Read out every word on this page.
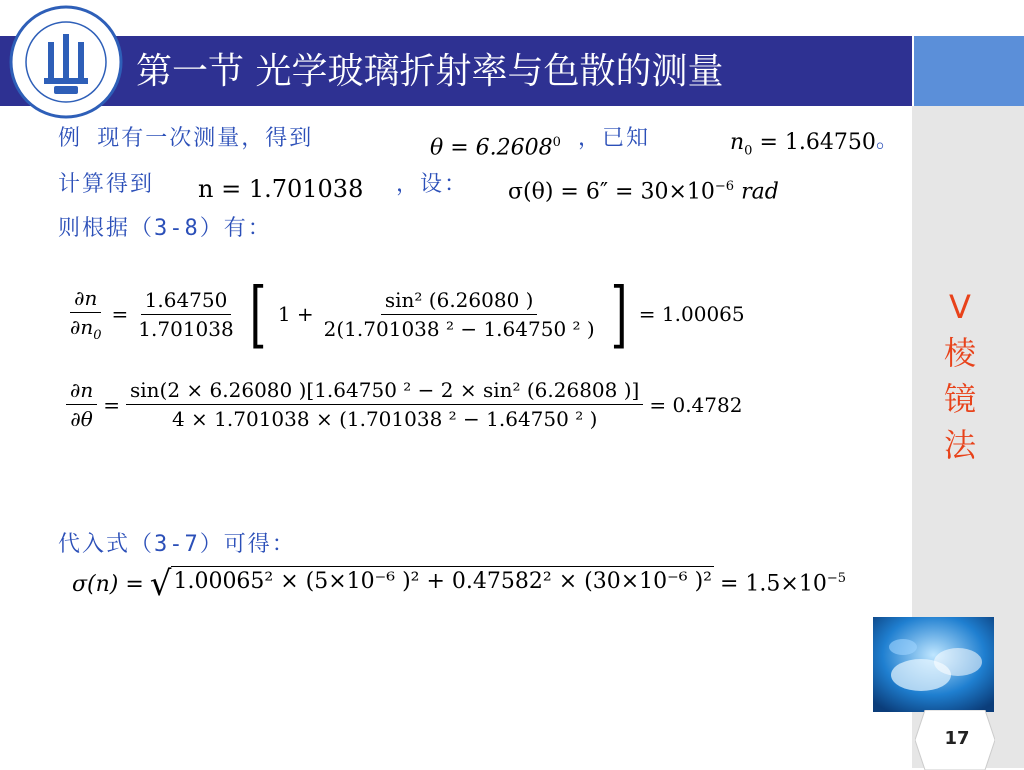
第一节 光学玻璃折射率与色散的测量
V
棱
镜
法
17
例 现有一次测量，得到	$\theta = 6.2608^0$ ，已知	$n_0 = 1.64750$ 。
计算得到 n = 1.701038 ，设： $\sigma(\theta) = 6'' = 30\times 10^{-6}$ rad
则根据（3-8）有：
$\frac{\partial n}{\partial n_0} = \frac{1.64750}{1.701038}$ [ $1 + \frac{\text{sin² (6.26080 )}}{\text{2(1.701038 ² − 1.64750 ² )}}$ ] = 1.00065
$\frac{\partial n}{\partial\theta} = \frac{\text{sin(2 × 6.26080 )[1.64750 ² − 2 × sin² (6.26808 )]}}{\text{4 × 1.701038 × (1.701038 ² − 1.64750 ² )}} = 0.4782$
代入式（3-7）可得：
σ(n) = √ 1.00065² × (5×10⁻⁶ )² + 0.47582² × (30×10⁻⁶ )$^2 = 1.5\times 10^{-5}$
